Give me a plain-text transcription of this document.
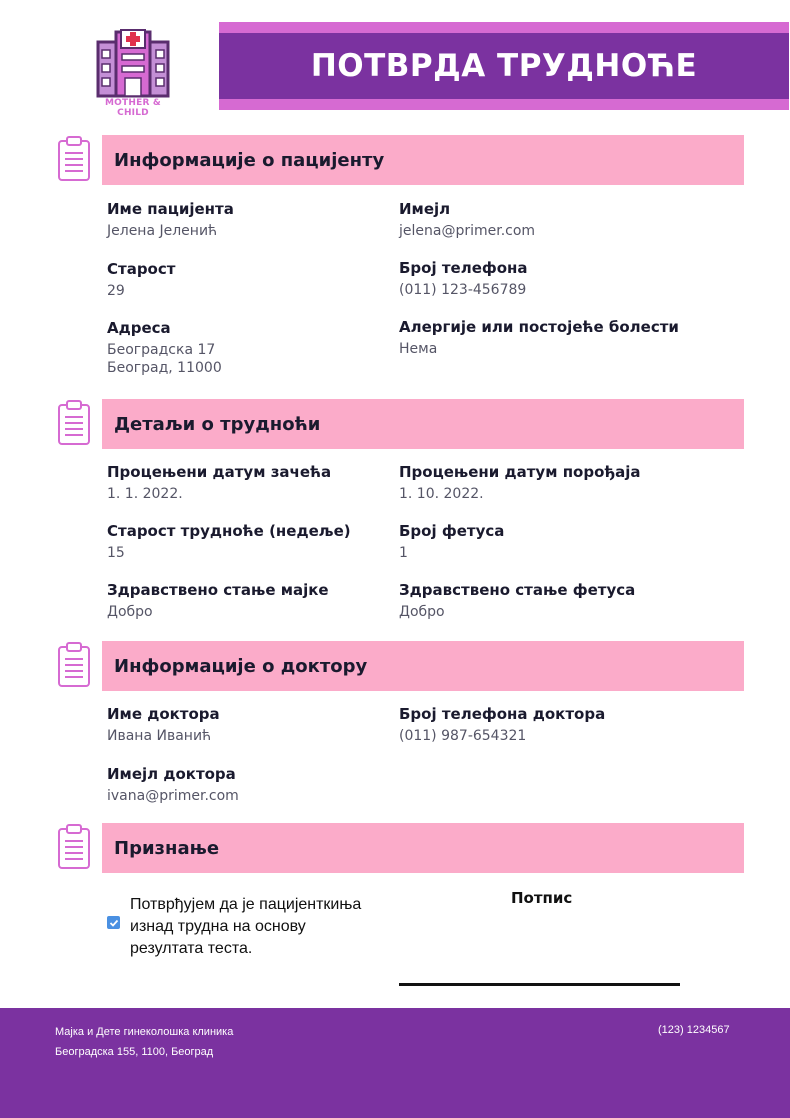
MOTHER & CHILD
ПОТВРДА ТРУДНОЋЕ
Информације о пацијенту
Име пацијента
Јелена Јеленић
Имејл
jelena@primer.com
Старост
29
Број телефона
(011) 123-456789
Адреса
Београдска 17
Београд, 11000
Алергије или постојеће болести
Нема
Детаљи о трудноћи
Процењени датум зачећа
1. 1. 2022.
Процењени датум порођаја
1. 10. 2022.
Старост трудноће (недеље)
15
Број фетуса
1
Здравствено стање мајке
Добро
Здравствено стање фетуса
Добро
Информације о доктору
Име доктора
Ивана Иванић
Број телефона доктора
(011) 987-654321
Имејл доктора
ivana@primer.com
Признање
Потврђујем да је пацијенткиња изнад трудна на основу резултата теста.
Потпис
Мајка и Дете гинеколошка клиника
Београдска 155, 1100, Београд
(123) 1234567
